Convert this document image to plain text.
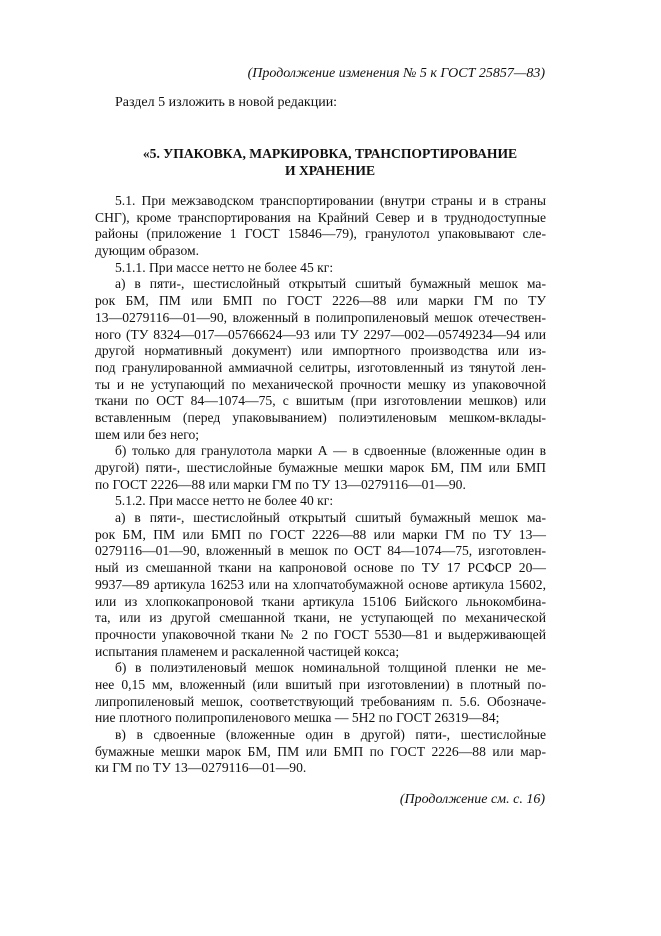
(Продолжение изменения № 5 к ГОСТ 25857—83)
Раздел 5 изложить в новой редакции:
«5. УПАКОВКА, МАРКИРОВКА, ТРАНСПОРТИРОВАНИЕ
И ХРАНЕНИЕ
5.1. При межзаводском транспортировании (внутри страны и в страны
СНГ), кроме транспортирования на Крайний Север и в труднодоступные
районы (приложение 1 ГОСТ 15846—79), гранулотол упаковывают сле-
дующим образом.
5.1.1. При массе нетто не более 45 кг:
а) в пяти-, шестислойный открытый сшитый бумажный мешок ма-
рок БМ, ПМ или БМП по ГОСТ 2226—88 или марки ГМ по ТУ
13—0279116—01—90, вложенный в полипропиленовый мешок отечествен-
ного (ТУ 8324—017—05766624—93 или ТУ 2297—002—05749234—94 или
другой нормативный документ) или импортного производства или из-
под гранулированной аммиачной селитры, изготовленный из тянутой лен-
ты и не уступающий по механической прочности мешку из упаковочной
ткани по ОСТ 84—1074—75, с вшитым (при изготовлении мешков) или
вставленным (перед упаковыванием) полиэтиленовым мешком-вклады-
шем или без него;
б) только для гранулотола марки А — в сдвоенные (вложенные один в
другой) пяти-, шестислойные бумажные мешки марок БМ, ПМ или БМП
по ГОСТ 2226—88 или марки ГМ по ТУ 13—0279116—01—90.
5.1.2. При массе нетто не более 40 кг:
а) в пяти-, шестислойный открытый сшитый бумажный мешок ма-
рок БМ, ПМ или БМП по ГОСТ 2226—88 или марки ГМ по ТУ 13—
0279116—01—90, вложенный в мешок по ОСТ 84—1074—75, изготовлен-
ный из смешанной ткани на капроновой основе по ТУ 17 РСФСР 20—
9937—89 артикула 16253 или на хлопчатобумажной основе артикула 15602,
или из хлопкокапроновой ткани артикула 15106 Бийского льнокомбина-
та, или из другой смешанной ткани, не уступающей по механической
прочности упаковочной ткани № 2 по ГОСТ 5530—81 и выдерживающей
испытания пламенем и раскаленной частицей кокса;
б) в полиэтиленовый мешок номинальной толщиной пленки не ме-
нее 0,15 мм, вложенный (или вшитый при изготовлении) в плотный по-
липропиленовый мешок, соответствующий требованиям п. 5.6. Обозначе-
ние плотного полипропиленового мешка — 5Н2 по ГОСТ 26319—84;
в) в сдвоенные (вложенные один в другой) пяти-, шестислойные
бумажные мешки марок БМ, ПМ или БМП по ГОСТ 2226—88 или мар-
ки ГМ по ТУ 13—0279116—01—90.
(Продолжение см. с. 16)
